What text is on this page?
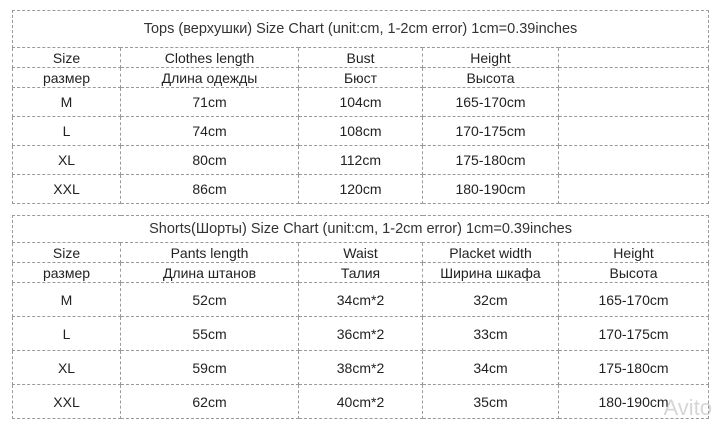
Tops (верхушки) Size Chart (unit:cm, 1-2cm error) 1cm=0.39inches				
Size	Clothes length	Bust	Height	
размер	Длина одежды	Бюст	Высота	
M	71cm	104cm	165-170cm	
L	74cm	108cm	170-175cm	
XL	80cm	112cm	175-180cm	
XXL	86cm	120cm	180-190cm	
Shorts(Шорты) Size Chart (unit:cm, 1-2cm error) 1cm=0.39inches				
Size	Pants length	Waist	Placket width	Height
размер	Длина штанов	Талия	Ширина шкафа	Высота
M	52cm	34cm*2	32cm	165-170cm
L	55cm	36cm*2	33cm	170-175cm
XL	59cm	38cm*2	34cm	175-180cm
XXL	62cm	40cm*2	35cm	180-190cm
Avito
